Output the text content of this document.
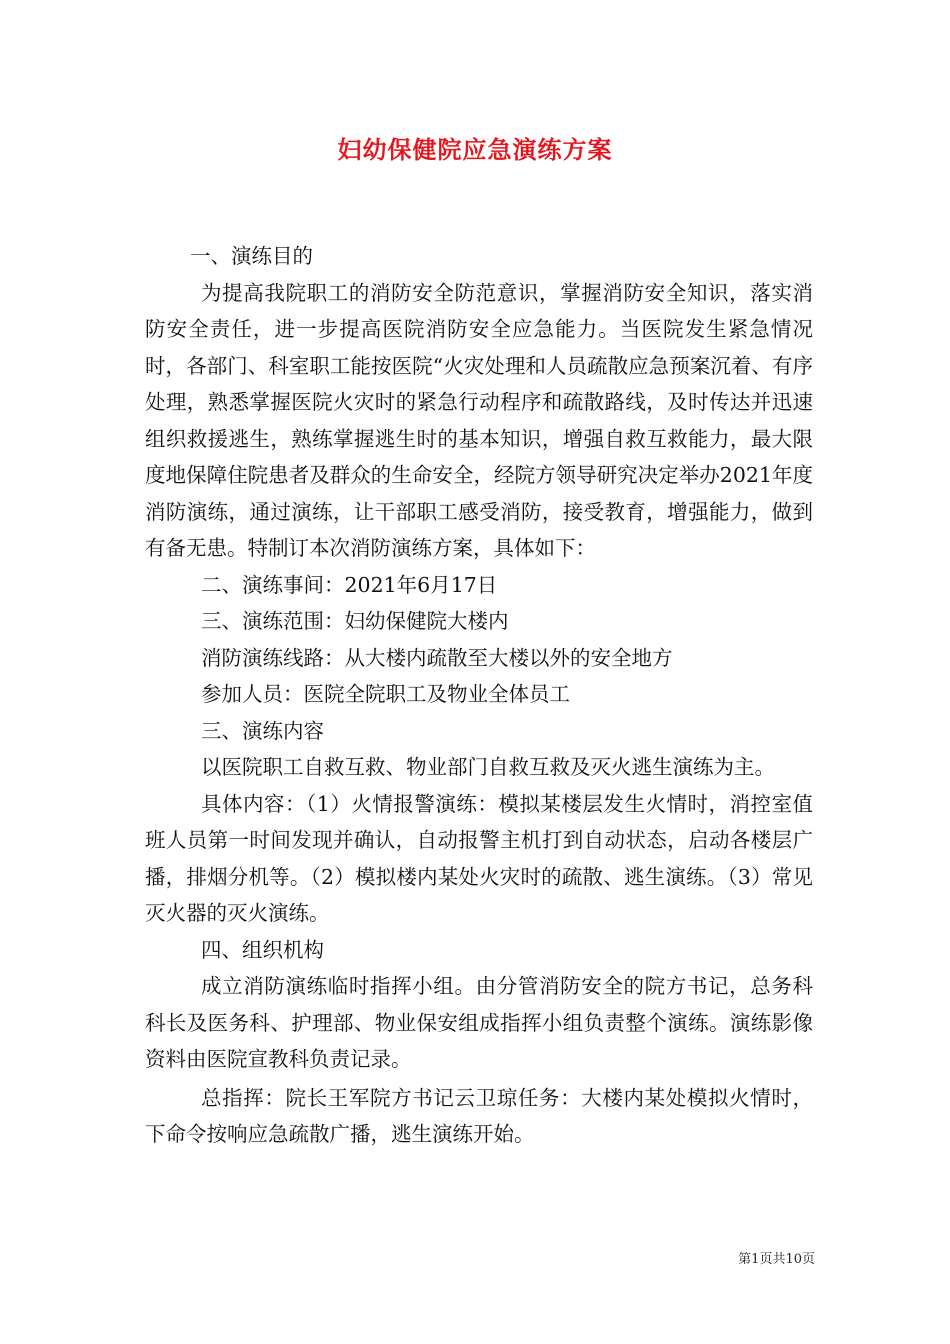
妇幼保健院应急演练方案

一、演练目的

为提高我院职工的消防安全防范意识，掌握消防安全知识，落实消防安全责任，进一步提高医院消防安全应急能力。当医院发生紧急情况时，各部门、科室职工能按医院“火灾处理和人员疏散应急预案沉着、有序处理，熟悉掌握医院火灾时的紧急行动程序和疏散路线，及时传达并迅速组织救援逃生，熟练掌握逃生时的基本知识，增强自救互救能力，最大限度地保障住院患者及群众的生命安全，经院方领导研究决定举办2021年度消防演练，通过演练，让干部职工感受消防，接受教育，增强能力，做到有备无患。特制订本次消防演练方案，具体如下：

二、演练事间：2021年6月17日

三、演练范围：妇幼保健院大楼内

消防演练线路：从大楼内疏散至大楼以外的安全地方

参加人员：医院全院职工及物业全体员工

三、演练内容

以医院职工自救互救、物业部门自救互救及灭火逃生演练为主。

具体内容：（1）火情报警演练：模拟某楼层发生火情时，消控室值班人员第一时间发现并确认，自动报警主机打到自动状态，启动各楼层广播，排烟分机等。（2）模拟楼内某处火灾时的疏散、逃生演练。（3）常见灭火器的灭火演练。

四、组织机构

成立消防演练临时指挥小组。由分管消防安全的院方书记，总务科科长及医务科、护理部、物业保安组成指挥小组负责整个演练。演练影像资料由医院宣教科负责记录。

总指挥：院长王军院方书记云卫琼任务：大楼内某处模拟火情时，下命令按响应急疏散广播，逃生演练开始。

第1页共10页
